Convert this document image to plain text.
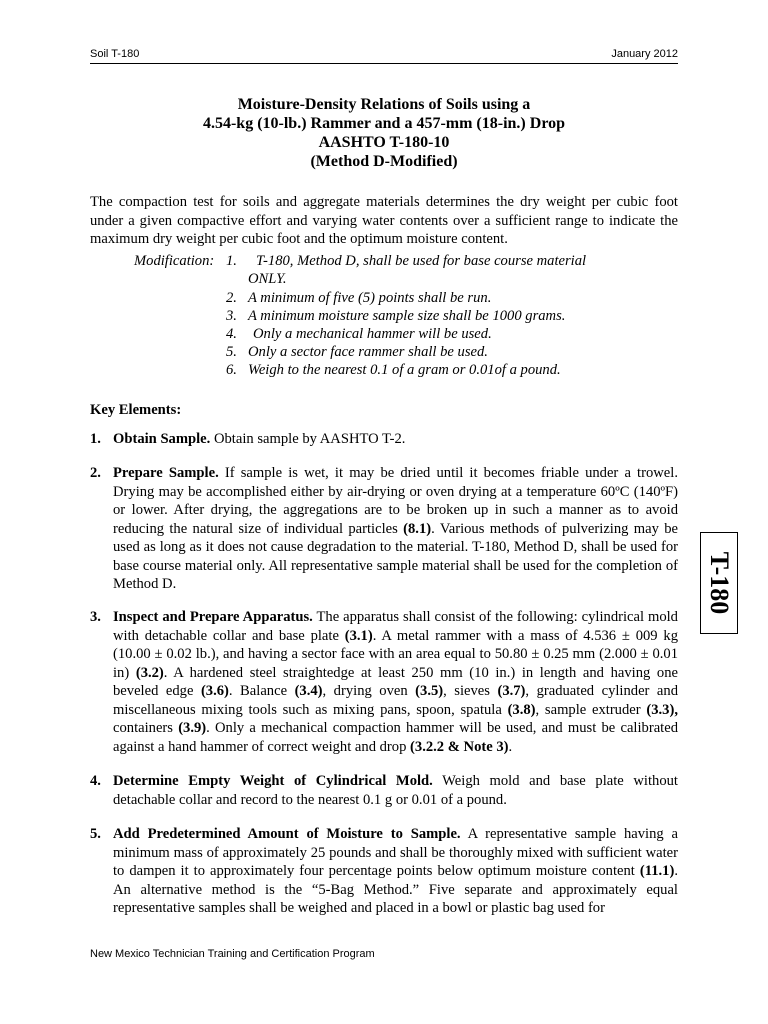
Soil T-180	January 2012
Moisture-Density Relations of Soils using a
4.54-kg (10-lb.) Rammer and a 457-mm (18-in.) Drop
AASHTO T-180-10
(Method D-Modified)
The compaction test for soils and aggregate materials determines the dry weight per cubic foot under a given compactive effort and varying water contents over a sufficient range to indicate the maximum dry weight per cubic foot and the optimum moisture content.
Modification: 1. T-180, Method D, shall be used for base course material
ONLY.
2. A minimum of five (5) points shall be run.
3. A minimum moisture sample size shall be 1000 grams.
4. Only a mechanical hammer will be used.
5. Only a sector face rammer shall be used.
6. Weigh to the nearest 0.1 of a gram or 0.01of a pound.
Key Elements:
1. Obtain Sample. Obtain sample by AASHTO T-2.
2. Prepare Sample. If sample is wet, it may be dried until it becomes friable under a trowel. Drying may be accomplished either by air-drying or oven drying at a temperature 60ºC (140ºF) or lower. After drying, the aggregations are to be broken up in such a manner as to avoid reducing the natural size of individual particles (8.1). Various methods of pulverizing may be used as long as it does not cause degradation to the material. T-180, Method D, shall be used for base course material only. All representative sample material shall be used for the completion of Method D.
3. Inspect and Prepare Apparatus. The apparatus shall consist of the following: cylindrical mold with detachable collar and base plate (3.1). A metal rammer with a mass of 4.536 ± 009 kg (10.00 ± 0.02 lb.), and having a sector face with an area equal to 50.80 ± 0.25 mm (2.000 ± 0.01 in) (3.2). A hardened steel straightedge at least 250 mm (10 in.) in length and having one beveled edge (3.6). Balance (3.4), drying oven (3.5), sieves (3.7), graduated cylinder and miscellaneous mixing tools such as mixing pans, spoon, spatula (3.8), sample extruder (3.3), containers (3.9). Only a mechanical compaction hammer will be used, and must be calibrated against a hand hammer of correct weight and drop (3.2.2 & Note 3).
4. Determine Empty Weight of Cylindrical Mold. Weigh mold and base plate without detachable collar and record to the nearest 0.1 g or 0.01 of a pound.
5. Add Predetermined Amount of Moisture to Sample. A representative sample having a minimum mass of approximately 25 pounds and shall be thoroughly mixed with sufficient water to dampen it to approximately four percentage points below optimum moisture content (11.1). An alternative method is the “5-Bag Method.” Five separate and approximately equal representative samples shall be weighed and placed in a bowl or plastic bag used for
T-180
New Mexico Technician Training and Certification Program
